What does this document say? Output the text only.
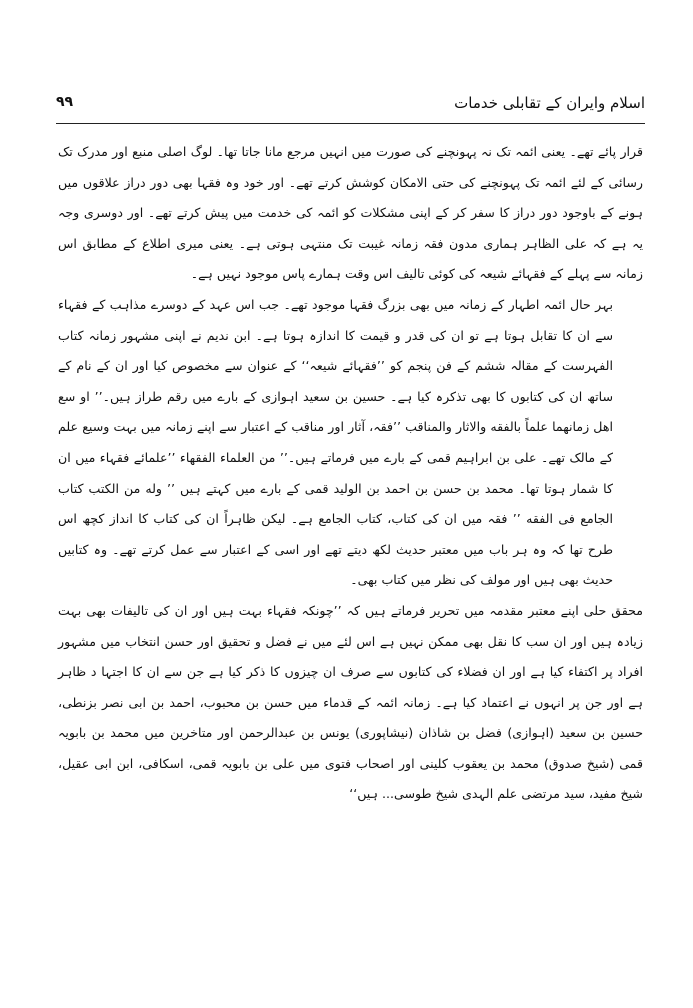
اسلام وایران کے تقابلی خدمات
۹۹

قرار پائے تھے۔ یعنی ائمہ تک نہ پہونچنے کی صورت میں انہیں مرجع مانا جاتا تھا۔ لوگ اصلی منبع اور مدرک تک رسائی کے لئے ائمہ تک پہونچنے کی حتی الامکان کوشش کرتے تھے۔ اور خود وہ فقہا بھی دور دراز علاقوں میں ہونے کے باوجود دور دراز کا سفر کر کے اپنی مشکلات کو ائمہ کی خدمت میں پیش کرتے تھے۔ اور دوسری وجہ یہ ہے کہ علی الظاہر ہماری مدون فقہ زمانہ غیبت تک منتہی ہوتی ہے۔ یعنی میری اطلاع کے مطابق اس زمانہ سے پہلے کے فقہائے شیعہ کی کوئی تالیف اس وقت ہمارے پاس موجود نہیں ہے۔

بہر حال ائمہ اطہار کے زمانہ میں بھی بزرگ فقہا موجود تھے۔ جب اس عہد کے دوسرے مذاہب کے فقہاء سے ان کا تقابل ہوتا ہے تو ان کی قدر و قیمت کا اندازہ ہوتا ہے۔ ابن ندیم نے اپنی مشہور زمانہ کتاب الفہرست کے مقالہ ششم کے فن پنجم کو ’’فقہائے شیعہ‘‘ کے عنوان سے مخصوص کیا اور ان کے نام کے ساتھ ان کی کتابوں کا بھی تذکرہ کیا ہے۔ حسین بن سعید اہوازی کے بارے میں رقم طراز ہیں۔’’ او سع اهل زمانهما علماً بالفقه والاثار والمناقب ’’فقہ، آثار اور مناقب کے اعتبار سے اپنے زمانہ میں بہت وسیع علم کے مالک تھے۔ علی بن ابراہیم قمی کے بارے میں فرماتے ہیں۔’’ من العلماء الفقهاء ’’علمائے فقہاء میں ان کا شمار ہوتا تھا۔ محمد بن حسن بن احمد بن الولید قمی کے بارے میں کہتے ہیں ’’ وله من الکتب کتاب الجامع فی الفقه ’’ فقہ میں ان کی کتاب، کتاب الجامع ہے۔ لیکن ظاہراً ان کی کتاب کا انداز کچھ اس طرح تھا کہ وہ ہر باب میں معتبر حدیث لکھ دیتے تھے اور اسی کے اعتبار سے عمل کرتے تھے۔ وہ کتابیں حدیث بھی ہیں اور مولف کی نظر میں کتاب بھی۔

محقق حلی اپنے معتبر مقدمہ میں تحریر فرماتے ہیں کہ ’’چونکہ فقہاء بہت ہیں اور ان کی تالیفات بھی بہت زیادہ ہیں اور ان سب کا نقل بھی ممکن نہیں ہے اس لئے میں نے فضل و تحقیق اور حسن انتخاب میں مشہور افراد پر اکتفاء کیا ہے اور ان فضلاء کی کتابوں سے صرف ان چیزوں کا ذکر کیا ہے جن سے ان کا اجتہا د ظاہر ہے اور جن پر انہوں نے اعتماد کیا ہے۔ زمانہ ائمہ کے قدماء میں حسن بن محبوب، احمد بن ابی نصر بزنطی، حسین بن سعید (اہوازی) فضل بن شاذان (نیشاپوری) یونس بن عبدالرحمن اور متاخرین میں محمد بن بابویہ قمی (شیخ صدوق) محمد بن یعقوب کلینی اور اصحاب فتوی میں علی بن بابویہ قمی، اسکافی، ابن ابی عقیل، شیخ مفید، سید مرتضی علم الہدی شیخ طوسی... ہیں‘‘
